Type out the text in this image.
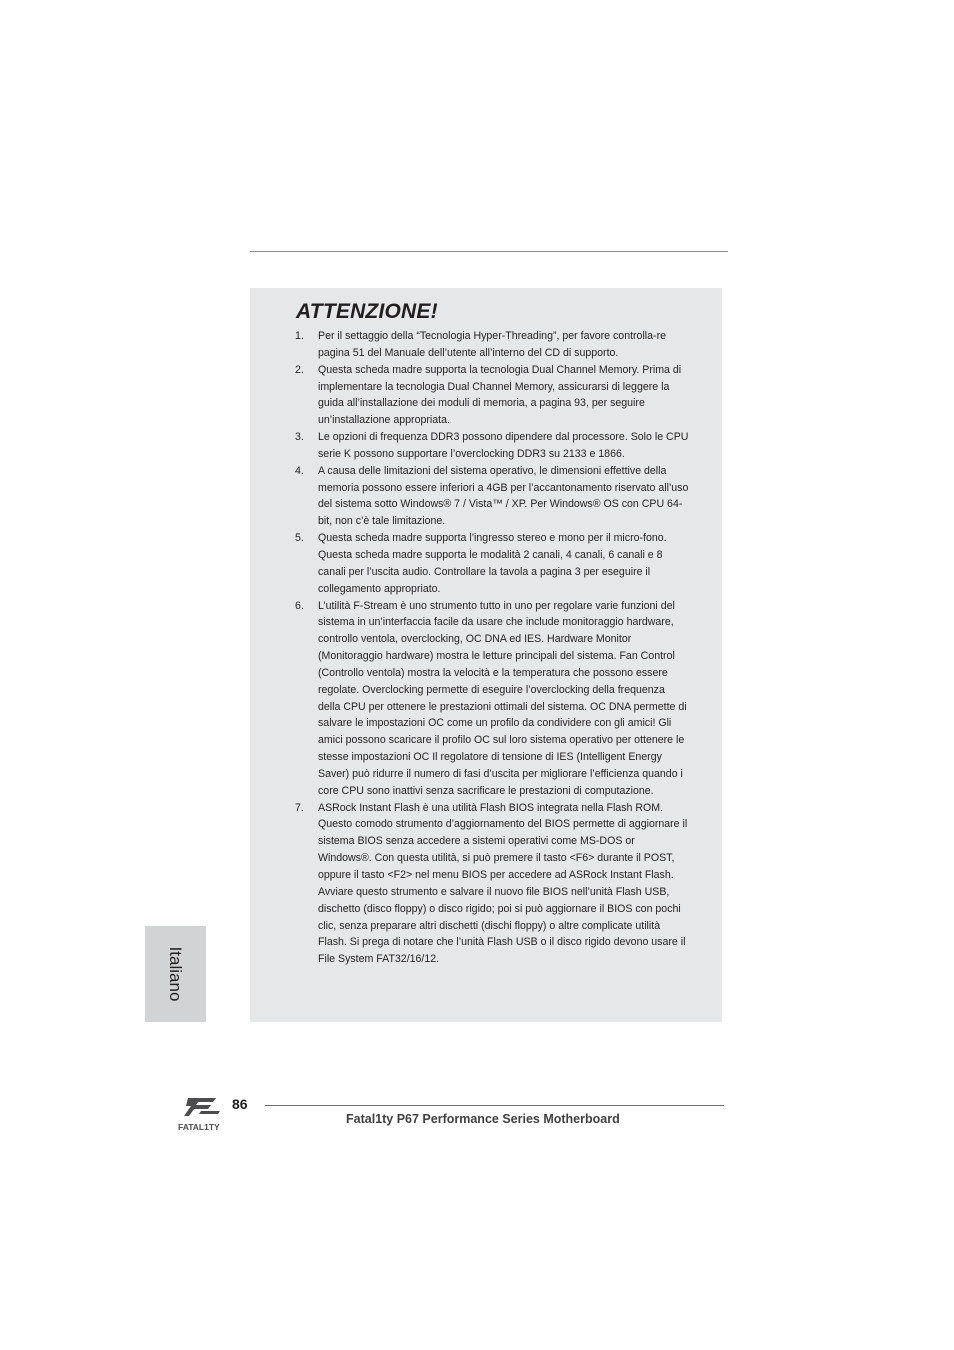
ATTENZIONE!
1. Per il settaggio della “Tecnologia Hyper-Threading”, per favore controlla-re pagina 51 del Manuale dell’utente all’interno del CD di supporto.
2. Questa scheda madre supporta la tecnologia Dual Channel Memory. Prima di implementare la tecnologia Dual Channel Memory, assicurarsi di leggere la guida all’installazione dei moduli di memoria, a pagina 93, per seguire un’installazione appropriata.
3. Le opzioni di frequenza DDR3 possono dipendere dal processore. Solo le CPU serie K possono supportare l’overclocking DDR3 su 2133 e 1866.
4. A causa delle limitazioni del sistema operativo, le dimensioni effettive della memoria possono essere inferiori a 4GB per l’accantonamento riservato all’uso del sistema sotto Windows® 7 / Vista™ / XP. Per Windows® OS con CPU 64-bit, non c’è tale limitazione.
5. Questa scheda madre supporta l’ingresso stereo e mono per il micro-fono. Questa scheda madre supporta le modalità 2 canali, 4 canali, 6 canali e 8 canali per l’uscita audio. Controllare la tavola a pagina 3 per eseguire il collegamento appropriato.
6. L’utilità F-Stream è uno strumento tutto in uno per regolare varie funzioni del sistema in un’interfaccia facile da usare che include monitoraggio hardware, controllo ventola, overclocking, OC DNA ed IES. Hardware Monitor (Monitoraggio hardware) mostra le letture principali del sistema. Fan Control (Controllo ventola) mostra la velocità e la temperatura che possono essere regolate. Overclocking permette di eseguire l’overclocking della frequenza della CPU per ottenere le prestazioni ottimali del sistema. OC DNA permette di salvare le impostazioni OC come un profilo da condividere con gli amici! Gli amici possono scaricare il profilo OC sul loro sistema operativo per ottenere le stesse impostazioni OC Il regolatore di tensione di IES (Intelligent Energy Saver) può ridurre il numero di fasi d’uscita per migliorare l’efficienza quando i core CPU sono inattivi senza sacrificare le prestazioni di computazione.
7. ASRock Instant Flash è una utilità Flash BIOS integrata nella Flash ROM. Questo comodo strumento d’aggiornamento del BIOS permette di aggiornare il sistema BIOS senza accedere a sistemi operativi come MS-DOS or Windows®. Con questa utilità, si può premere il tasto <F6> durante il POST, oppure il tasto <F2> nel menu BIOS per accedere ad ASRock Instant Flash. Avviare questo strumento e salvare il nuovo file BIOS nell’unità Flash USB, dischetto (disco floppy) o disco rigido; poi si può aggiornare il BIOS con pochi clic, senza preparare altri dischetti (dischi floppy) o altre complicate utilità Flash. Si prega di notare che l’unità Flash USB o il disco rigido devono usare il File System FAT32/16/12.
Italiano
FATAL1TY
86
Fatal1ty P67 Performance Series Motherboard
